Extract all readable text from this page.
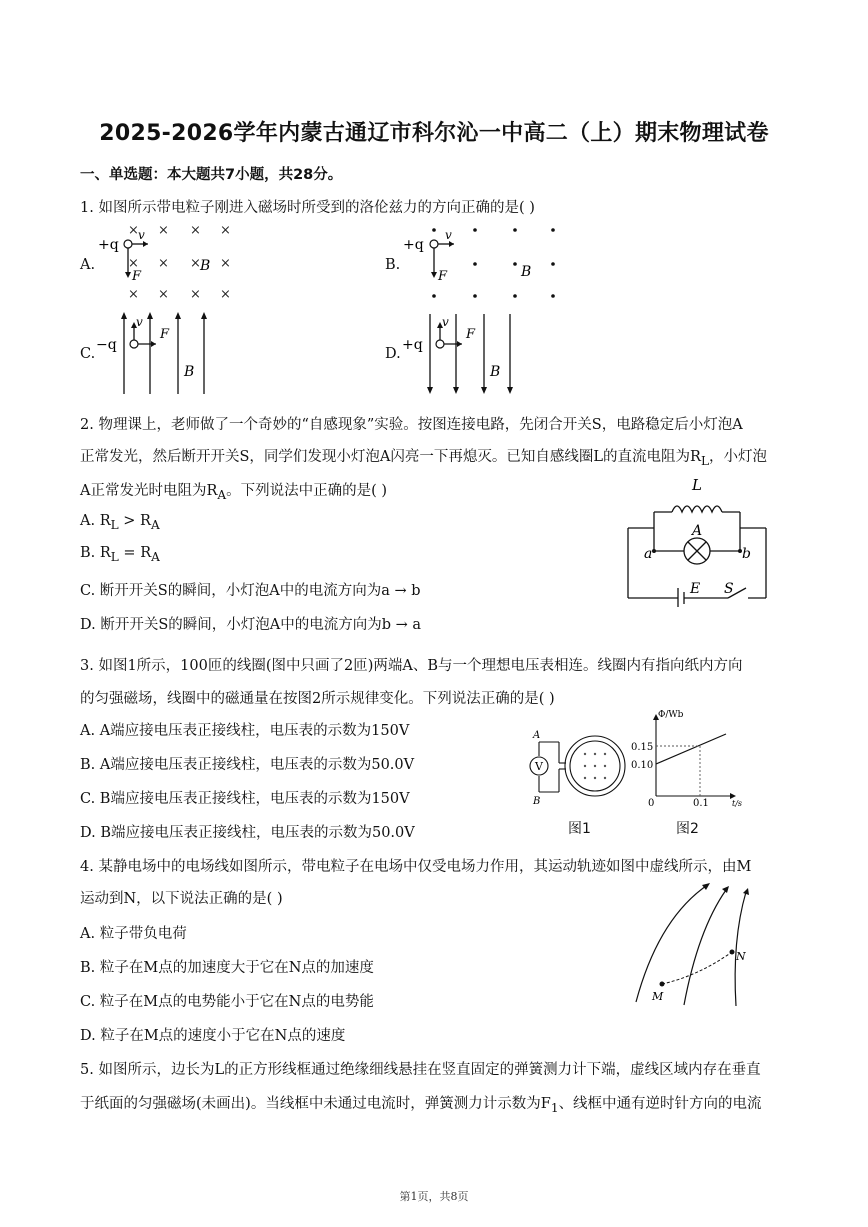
2025-2026学年内蒙古通辽市科尔沁一中高二（上）期末物理试卷
一、单选题：本大题共7小题，共28分。
1. 如图所示带电粒子刚进入磁场时所受到的洛伦兹力的方向正确的是( )
A.
× × × ×
× × × ×
× × × ×
+q
v
F
B	B.
+q
v
F	B
C.
−q
v
F
B
D.
+q
v
F
B
2. 物理课上，老师做了一个奇妙的“自感现象”实验。按图连接电路，先闭合开关S，电路稳定后小灯泡A
正常发光，然后断开开关S，同学们发现小灯泡A闪亮一下再熄灭。已知自感线圈L的直流电阻为$R_L$，小灯泡
A正常发光时电阻为$R_A$。下列说法中正确的是( )
A. $R_L > R_A$
B. $R_L = R_A$
C. 断开开关S的瞬间，小灯泡A中的电流方向为a → b
D. 断开开关S的瞬间，小灯泡A中的电流方向为b → a
L
A
a	b
E S
3. 如图1所示，100匝的线圈(图中只画了2匝)两端A、B与一个理想电压表相连。线圈内有指向纸内方向
的匀强磁场，线圈中的磁通量在按图2所示规律变化。下列说法正确的是( )
A. A端应接电压表正接线柱，电压表的示数为150V
B. A端应接电压表正接线柱，电压表的示数为50.0V
C. B端应接电压表正接线柱，电压表的示数为150V
D. B端应接电压表正接线柱，电压表的示数为50.0V
V
A
B
图1
Φ/Wb
0.15
0.10
0	0.1	t/s
图2
4. 某静电场中的电场线如图所示，带电粒子在电场中仅受电场力作用，其运动轨迹如图中虚线所示，由M
运动到N，以下说法正确的是( )
A. 粒子带负电荷
B. 粒子在M点的加速度大于它在N点的加速度
C. 粒子在M点的电势能小于它在N点的电势能
D. 粒子在M点的速度小于它在N点的速度
M
N
5. 如图所示，边长为L的正方形线框通过绝缘细线悬挂在竖直固定的弹簧测力计下端，虚线区域内存在垂直
于纸面的匀强磁场(未画出)。当线框中未通过电流时，弹簧测力计示数为$F_1$、线框中通有逆时针方向的电流
第1页，共8页
